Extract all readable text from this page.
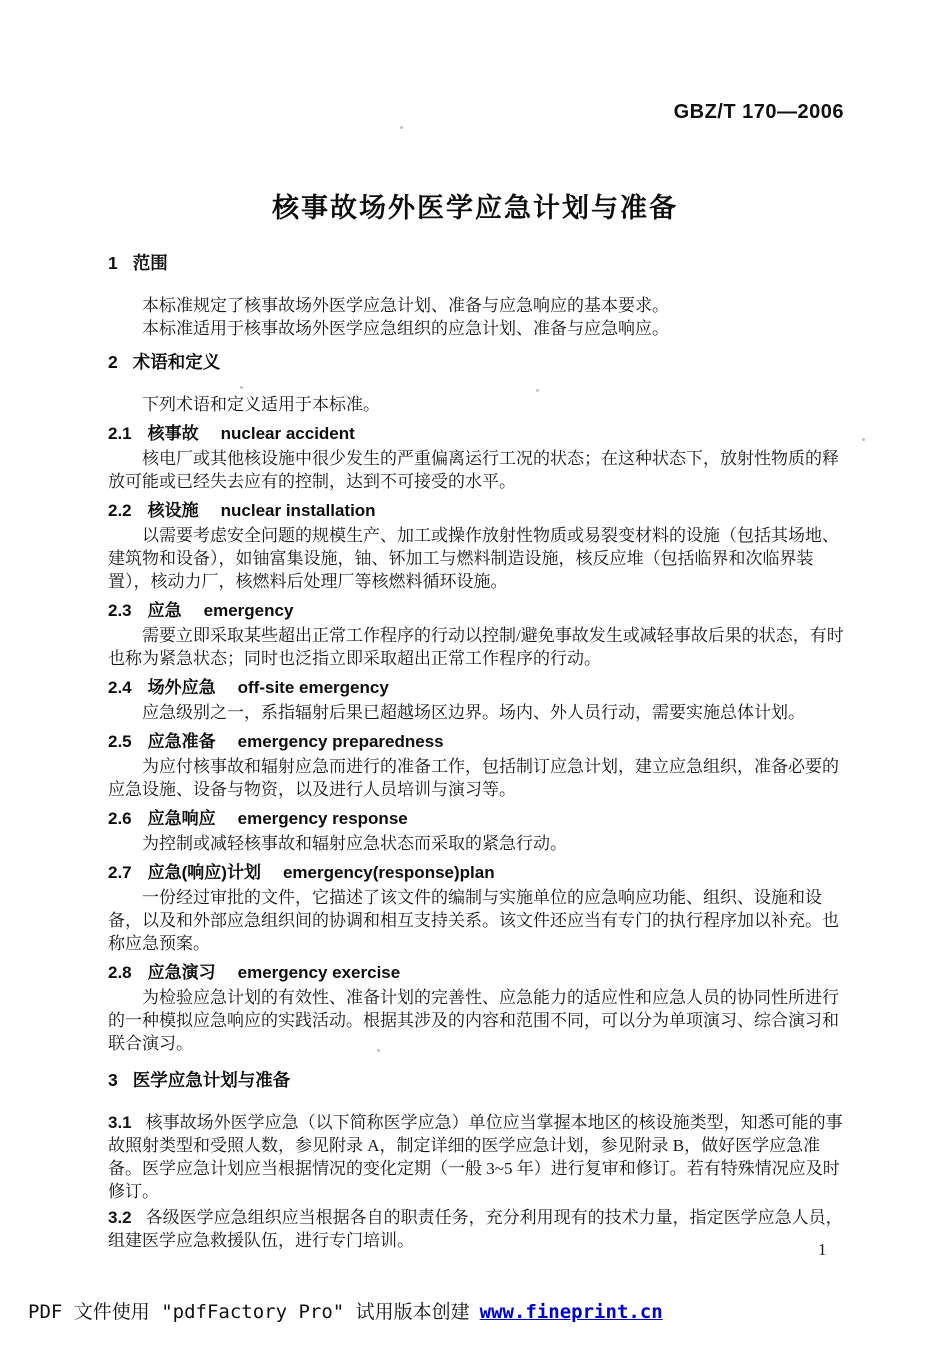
GBZ/T 170—2006
核事故场外医学应急计划与准备
1 范围

本标准规定了核事故场外医学应急计划、准备与应急响应的基本要求。

本标准适用于核事故场外医学应急组织的应急计划、准备与应急响应。

2 术语和定义

下列术语和定义适用于本标准。

2.1 核事故 nuclear accident

核电厂或其他核设施中很少发生的严重偏离运行工况的状态；在这种状态下，放射性物质的释放可能或已经失去应有的控制，达到不可接受的水平。

2.2 核设施 nuclear installation

以需要考虑安全问题的规模生产、加工或操作放射性物质或易裂变材料的设施（包括其场地、建筑物和设备），如铀富集设施，铀、钚加工与燃料制造设施，核反应堆（包括临界和次临界装置），核动力厂，核燃料后处理厂等核燃料循环设施。

2.3 应急 emergency

需要立即采取某些超出正常工作程序的行动以控制/避免事故发生或减轻事故后果的状态，有时也称为紧急状态；同时也泛指立即采取超出正常工作程序的行动。

2.4 场外应急 off-site emergency

应急级别之一，系指辐射后果已超越场区边界。场内、外人员行动，需要实施总体计划。

2.5 应急准备 emergency preparedness

为应付核事故和辐射应急而进行的准备工作，包括制订应急计划，建立应急组织，准备必要的应急设施、设备与物资，以及进行人员培训与演习等。

2.6 应急响应 emergency response

为控制或减轻核事故和辐射应急状态而采取的紧急行动。

2.7 应急(响应)计划 emergency(response)plan

一份经过审批的文件，它描述了该文件的编制与实施单位的应急响应功能、组织、设施和设备，以及和外部应急组织间的协调和相互支持关系。该文件还应当有专门的执行程序加以补充。也称应急预案。

2.8 应急演习 emergency exercise

为检验应急计划的有效性、准备计划的完善性、应急能力的适应性和应急人员的协同性所进行的一种模拟应急响应的实践活动。根据其涉及的内容和范围不同，可以分为单项演习、综合演习和联合演习。

3 医学应急计划与准备

3.1 核事故场外医学应急（以下简称医学应急）单位应当掌握本地区的核设施类型，知悉可能的事故照射类型和受照人数，参见附录 A，制定详细的医学应急计划，参见附录 B，做好医学应急准备。医学应急计划应当根据情况的变化定期（一般 3~5 年）进行复审和修订。若有特殊情况应及时修订。

3.2 各级医学应急组织应当根据各自的职责任务，充分利用现有的技术力量，指定医学应急人员，组建医学应急救援队伍，进行专门培训。	1
PDF 文件使用 "pdfFactory Pro" 试用版本创建 www.fineprint.cn
